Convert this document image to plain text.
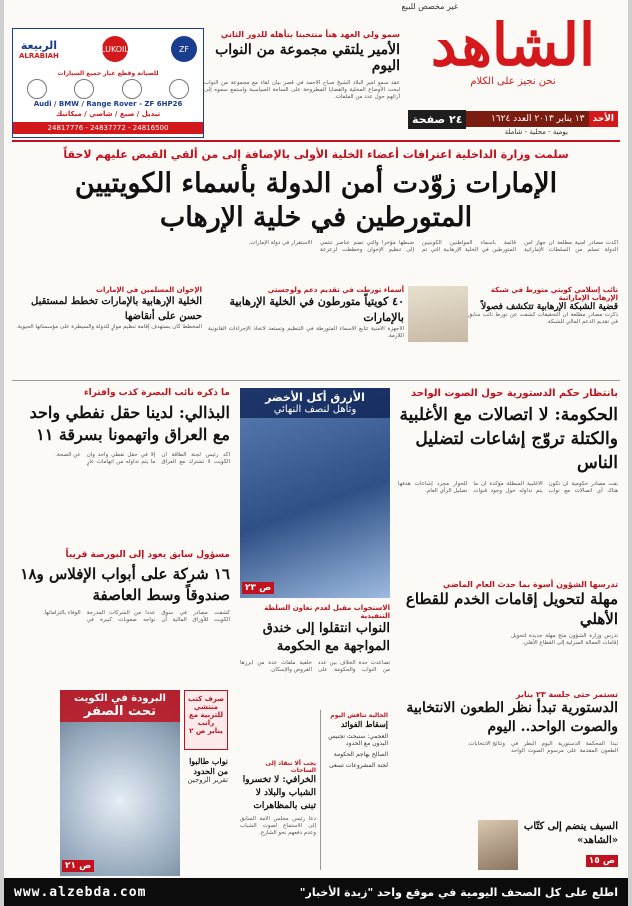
غير مخصص للبيع
الشاهد
نحن نجيز على الكلام
الأحد
١٣ يناير ٢٠١٣ العدد ١٦٢٤
٢٤ صفحة
يومية - محلية - شاملة
سمو ولي العهد هنأ منتخبنا بتأهله للدور الثاني
الأمير يلتقي مجموعة من النواب اليوم
عقد سمو أمير البلاد الشيخ صباح الأحمد في قصر بيان لقاء مع مجموعة من النواب لبحث الأوضاع المحلية والقضايا المطروحة على الساحة السياسية واستمع سموه إلى آرائهم حول عدد من الملفات.
ZF
LUKOIL
الربيعة
ALRABIAH
للصيانة وقطع غيار جميع السيارات
Audi / BMW / Range Rover - ZF 6HP26
تبديل / صبغ / شاصي / ميكانيك
24816500 - 24837772 - 24817776
سلمت وزارة الداخلية اعترافات أعضاء الخلية الأولى بالإضافة إلى من ألقي القبض عليهم لاحقاً
الإمارات زوّدت أمن الدولة بأسماء الكويتيين المتورطين في خلية الإرهاب
أكدت مصادر أمنية مطلعة أن جهاز أمن الدولة تسلم من السلطات الإماراتية قائمة بأسماء المواطنين الكويتيين المتورطين في الخلية الإرهابية التي تم ضبطها مؤخراً والتي تضم عناصر تنتمي إلى تنظيم الإخوان وخططت لزعزعة الاستقرار في دولة الإمارات.
نائب إسلامي كويتي متورط في شبكة الإرهاب الإماراتية
قضية الشبكة الإرهابية تتكشف فصولاً
ذكرت مصادر مطلعة أن التحقيقات كشفت عن تورط نائب سابق في تقديم الدعم المالي للشبكة.
أسماء تورطت في تقديم دعم ولوجستي
٤٠ كويتياً متورطون في الخلية الإرهابية بالإمارات
الأجهزة الأمنية تتابع الأسماء المتورطة في التنظيم وتستعد لاتخاذ الإجراءات القانونية اللازمة.
الإخوان المسلمين في الإمارات
الخلية الإرهابية بالإمارات تخطط لمستقبل حسن على أنقاضها
المخطط كان يستهدف إقامة تنظيم موازٍ للدولة والسيطرة على مؤسساتها الحيوية.
بانتظار حكم الدستورية حول الصوت الواحد
الحكومة: لا اتصالات مع الأغلبية والكتلة تروّج إشاعات لتضليل الناس
نفت مصادر حكومية أن تكون هناك أي اتصالات مع نواب الأغلبية المبطلة مؤكدة أن ما يتم تداوله حول وجود قنوات للحوار مجرد إشاعات هدفها تضليل الرأي العام.
الأزرق أكل الأخضر
وتأهل لنصف النهائي
ص ٢٣
ما ذكره نائب البصرة كذب وافتراء
البذالي: لدينا حقل نفطي واحد مع العراق واتهمونا بسرقة ١١
أكد رئيس لجنة الطاقة أن الكويت لا تشترك مع العراق إلا في حقل نفطي واحد وأن ما يتم تداوله من اتهامات عارٍ عن الصحة.
مسؤول سابق يعود إلى البورصة قريباً
١٦ شركة على أبواب الإفلاس و١٨ صندوقاً وسط العاصفة
كشفت مصادر في سوق الكويت للأوراق المالية أن عدداً من الشركات المدرجة تواجه صعوبات كبيرة في الوفاء بالتزاماتها.
تدرسها الشؤون أسوة بما حدث العام الماضي
مهلة لتحويل إقامات الخدم للقطاع الأهلي
تدرس وزارة الشؤون منح مهلة جديدة لتحويل إقامات العمالة المنزلية إلى القطاع الأهلي.
الاستجواب مقبل لعدم تعاون السلطة التنفيذية
النواب انتقلوا إلى خندق المواجهة مع الحكومة
تصاعدت حدة الخلاف بين عدد من النواب والحكومة على خلفية ملفات عدة من أبرزها القروض والإسكان.
الخالية تتاقش اليوم
إسقاط الفوائد
العجمي: سنبحث تجنيس البدون مع الحدود
الصالح يهاجم الحكومة
لجنة المشروعات تسعى
يجب ألا ننقاد إلى الساحات
الخرافي: لا تخسروا الشباب والبلاد لا تبنى بالمظاهرات
دعا رئيس مجلس الأمة السابق إلى الاستماع لصوت الشباب وعدم دفعهم نحو الشارع.
تستمر حتى جلسة ٢٣ يناير
الدستورية تبدأ نظر الطعون الانتخابية والصوت الواحد.. اليوم
تبدأ المحكمة الدستورية اليوم النظر في الطعون المقدمة على مرسوم الصوت الواحد ونتائج الانتخابات.
السيف ينضم إلى كتّاب «الشاهد»
ص ١٥
البرودة في الكويت
تحت الصفر
ص ٢١
صرف كتب منتشي
للتربية مع راتب
يناير ص ٢
نواب طالبوا من الحدود
تقرير الزوجين
اطلع على كل الصحف اليومية في موقع واحد "زبدة الأخبار"
www.alzebda.com
